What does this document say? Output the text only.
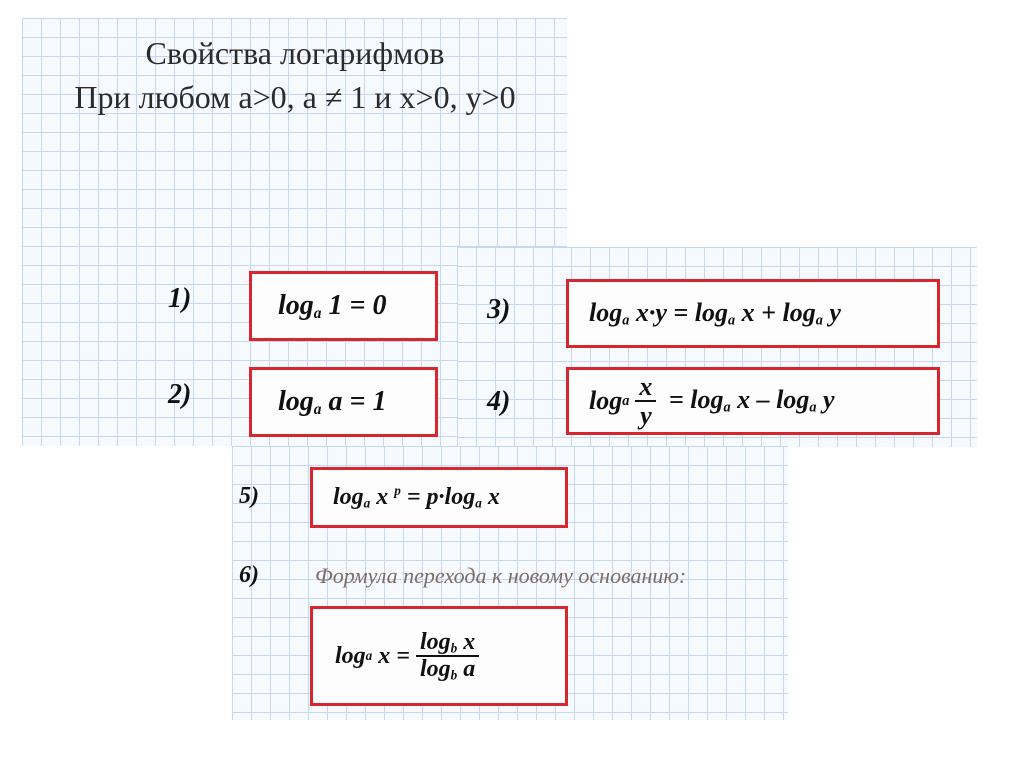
Свойства логарифмов
При любом a>0, a ≠ 1 и x>0, y>0
1)	$\log_a 1 = 0$
2)	$\log_a a = 1$
3)	$\log_a x\cdot y = \log_a x + \log_a y$
4)	log a $\frac{x}{y} = \log_a x - \log_a y$
5)	$\log_a x$ $^p = p\cdot\log_a$ x
6)	Формула перехода к новому основанию:
log a $x = \frac{\log_b x}{\log_b a}$
